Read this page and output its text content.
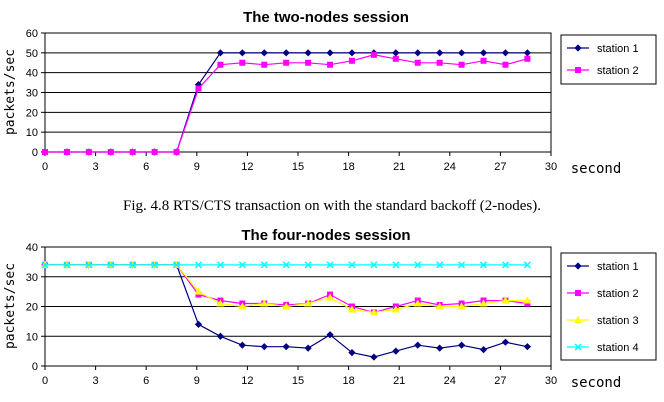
The two-nodes session
0
10
20
30
40
50
60
0	3	6	9	12	15	18	21	24	27	30 second
packets/sec	station 1
station 2
The four-nodes session
0
10
20
30
40
0	3	6	9	12	15	18	21	24	27	30 second
packets/sec	station 1
station 2
station 3
station 4
Fig. 4.8 RTS/CTS transaction on with the standard backoff (2-nodes).
